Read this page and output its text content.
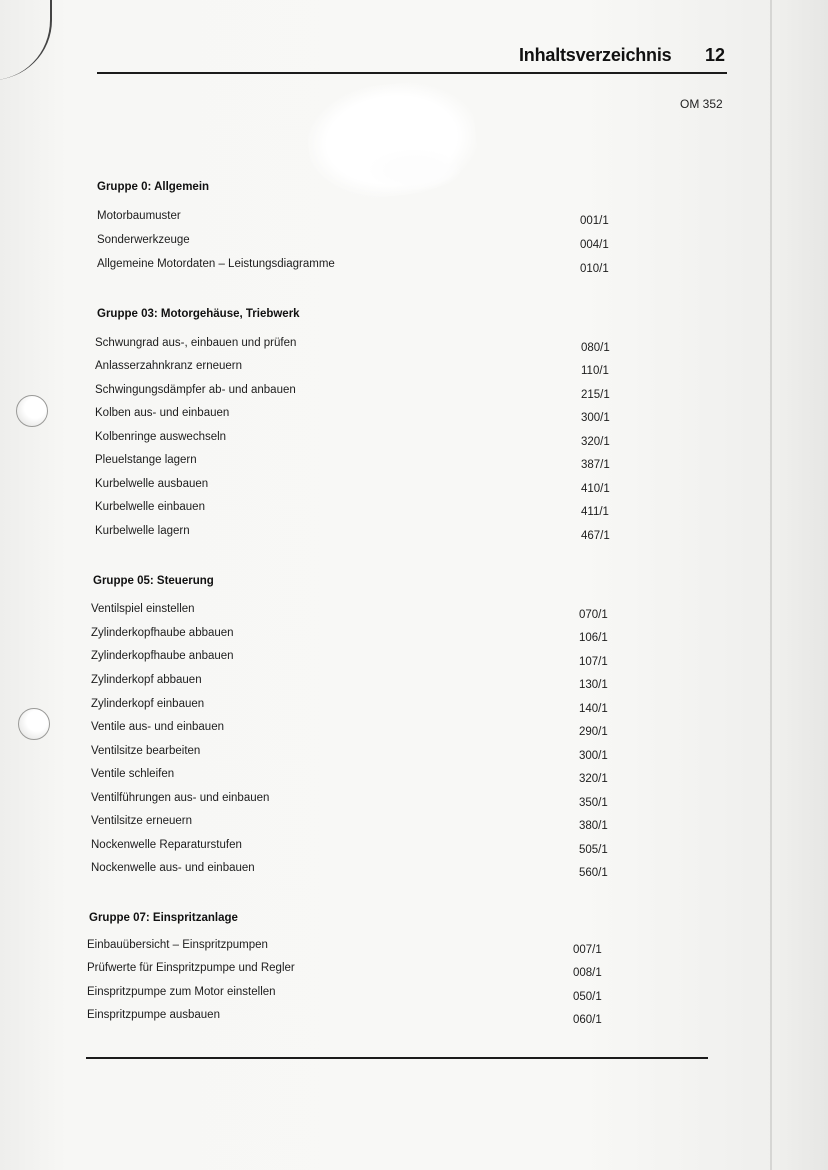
Inhaltsverzeichnis 12
OM 352
Gruppe 0: Allgemein
Motorbaumuster	001/1
Sonderwerkzeuge	004/1
Allgemeine Motordaten – Leistungsdiagramme	010/1
Gruppe 03: Motorgehäuse, Triebwerk
Schwungrad aus-, einbauen und prüfen	080/1
Anlasserzahnkranz erneuern	110/1
Schwingungsdämpfer ab- und anbauen	215/1
Kolben aus- und einbauen	300/1
Kolbenringe auswechseln	320/1
Pleuelstange lagern	387/1
Kurbelwelle ausbauen	410/1
Kurbelwelle einbauen	411/1
Kurbelwelle lagern	467/1
Gruppe 05: Steuerung
Ventilspiel einstellen	070/1
Zylinderkopfhaube abbauen	106/1
Zylinderkopfhaube anbauen	107/1
Zylinderkopf abbauen	130/1
Zylinderkopf einbauen	140/1
Ventile aus- und einbauen	290/1
Ventilsitze bearbeiten	300/1
Ventile schleifen	320/1
Ventilführungen aus- und einbauen	350/1
Ventilsitze erneuern	380/1
Nockenwelle Reparaturstufen	505/1
Nockenwelle aus- und einbauen	560/1
Gruppe 07: Einspritzanlage
Einbauübersicht – Einspritzpumpen	007/1
Prüfwerte für Einspritzpumpe und Regler	008/1
Einspritzpumpe zum Motor einstellen	050/1
Einspritzpumpe ausbauen	060/1
